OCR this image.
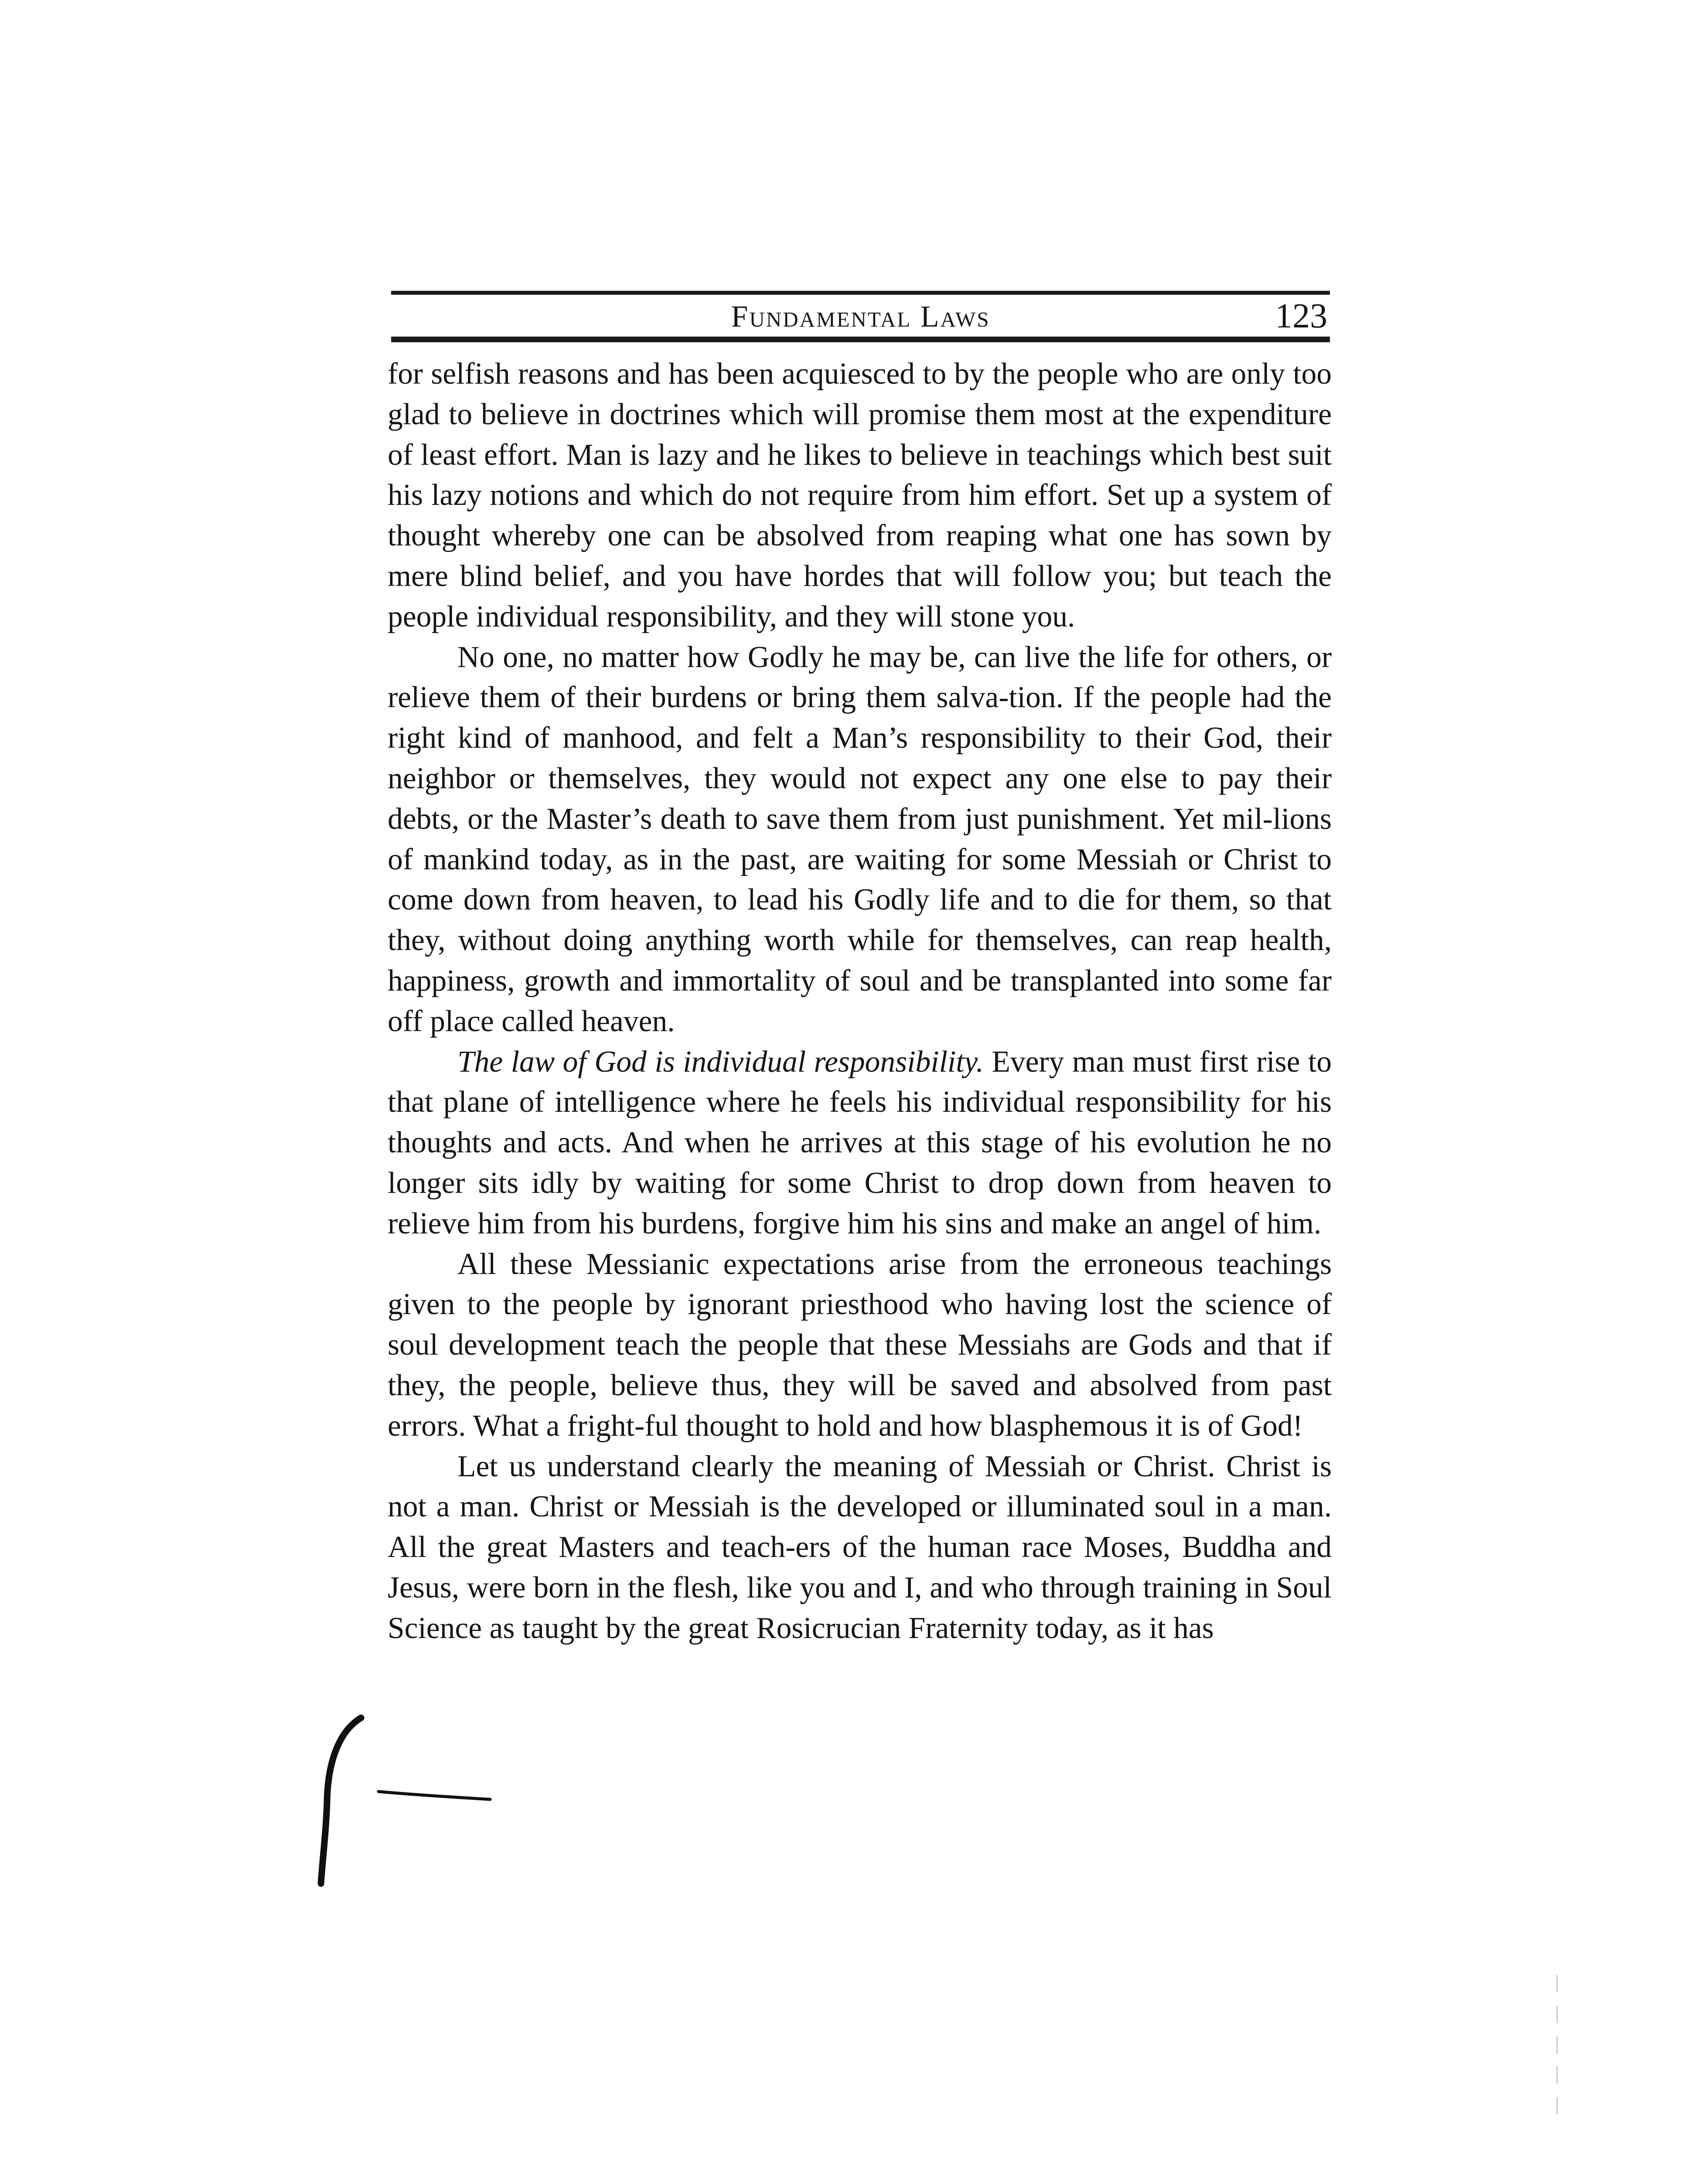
Fundamental Laws	123

for selfish reasons and has been acquiesced to by the people who are only too glad to believe in doctrines which will promise them most at the expenditure of least effort. Man is lazy and he likes to believe in teachings which best suit his lazy notions and which do not require from him effort. Set up a system of thought whereby one can be absolved from reaping what one has sown by mere blind belief, and you have hordes that will follow you; but teach the people individual responsibility, and they will stone you.

No one, no matter how Godly he may be, can live the life for others, or relieve them of their burdens or bring them salva-tion. If the people had the right kind of manhood, and felt a Man’s responsibility to their God, their neighbor or themselves, they would not expect any one else to pay their debts, or the Master’s death to save them from just punishment. Yet mil-lions of mankind today, as in the past, are waiting for some Messiah or Christ to come down from heaven, to lead his Godly life and to die for them, so that they, without doing anything worth while for themselves, can reap health, happiness, growth and immortality of soul and be transplanted into some far off place called heaven.

The law of God is individual responsibility. Every man must first rise to that plane of intelligence where he feels his individual responsibility for his thoughts and acts. And when he arrives at this stage of his evolution he no longer sits idly by waiting for some Christ to drop down from heaven to relieve him from his burdens, forgive him his sins and make an angel of him.

All these Messianic expectations arise from the erroneous teachings given to the people by ignorant priesthood who having lost the science of soul development teach the people that these Messiahs are Gods and that if they, the people, believe thus, they will be saved and absolved from past errors. What a fright-ful thought to hold and how blasphemous it is of God!

Let us understand clearly the meaning of Messiah or Christ. Christ is not a man. Christ or Messiah is the developed or illuminated soul in a man. All the great Masters and teach-ers of the human race Moses, Buddha and Jesus, were born in the flesh, like you and I, and who through training in Soul Science as taught by the great Rosicrucian Fraternity today, as it has
